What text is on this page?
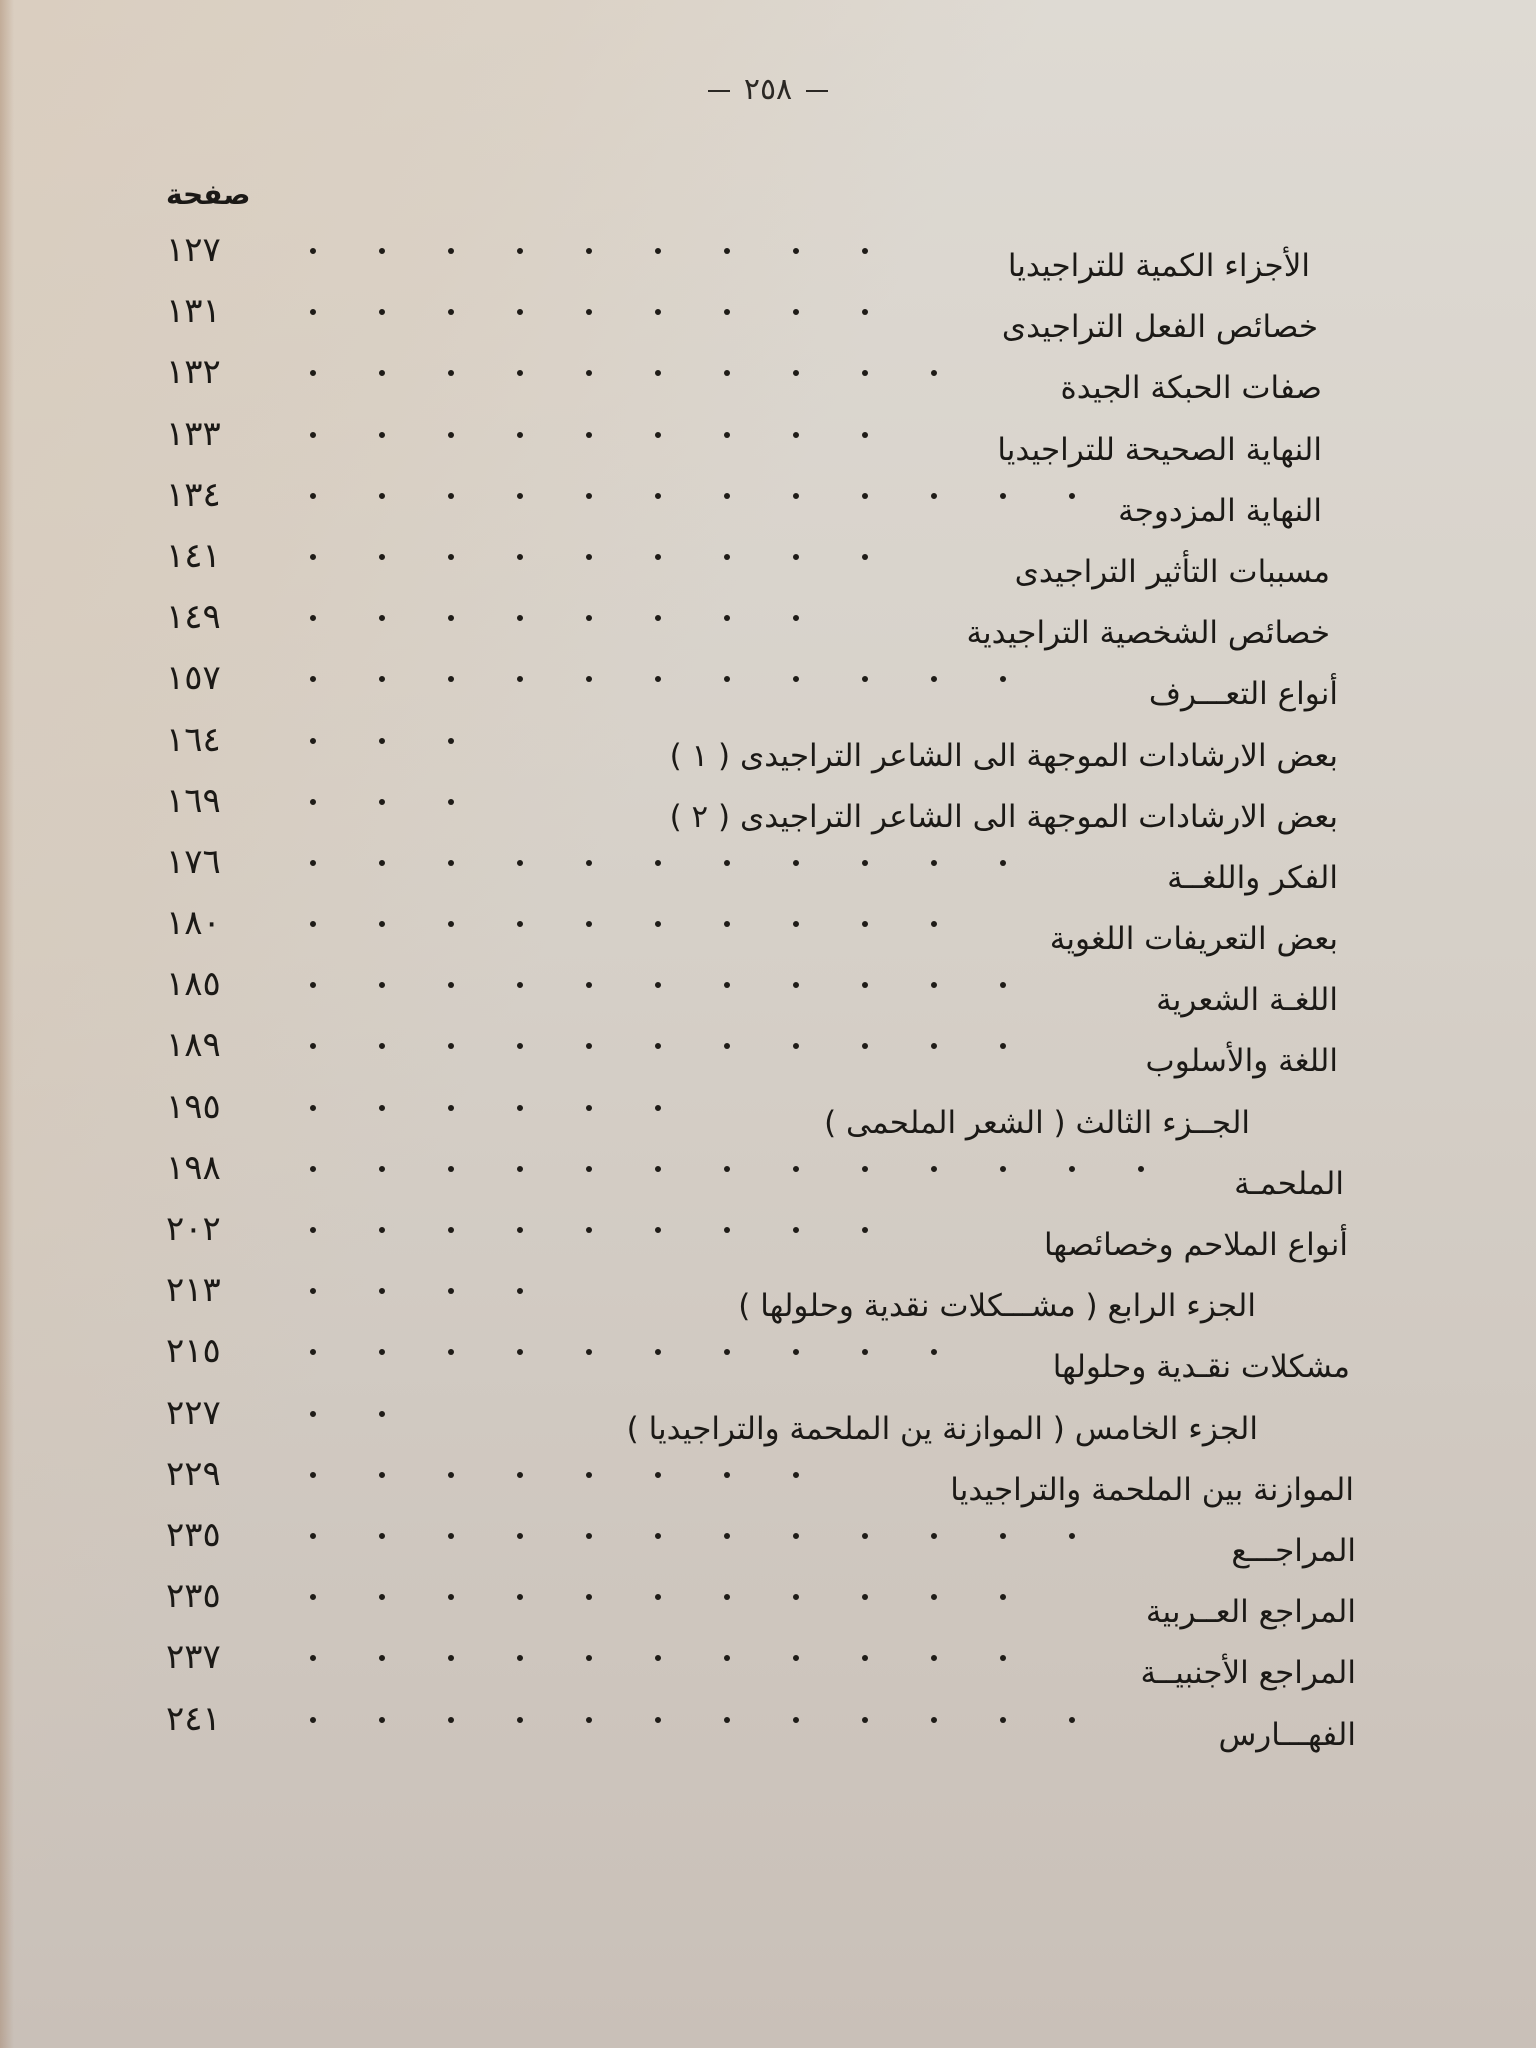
٢٥٨
صفحة
١٢٧	الأجزاء الكمية للتراجيديا
١٣١	خصائص الفعل التراجيدى
١٣٢	صفات الحبكة الجيدة
١٣٣	النهاية الصحيحة للتراجيديا
١٣٤	النهاية المزدوجة
١٤١	مسببات التأثير التراجيدى
١٤٩	خصائص الشخصية التراجيدية
١٥٧	أنواع التعـــرف
١٦٤	بعض الارشادات الموجهة الى الشاعر التراجيدى ( ١ )
١٦٩	بعض الارشادات الموجهة الى الشاعر التراجيدى ( ٢ )
١٧٦	الفكر واللغــة
١٨٠	بعض التعريفات اللغوية
١٨٥	اللغـة الشعرية
١٨٩	اللغة والأسلوب
١٩٥	الجــزء الثالث ( الشعر الملحمى )
١٩٨	الملحمـة
٢٠٢	أنواع الملاحم وخصائصها
٢١٣	الجزء الرابع ( مشـــكلات نقدية وحلولها )
٢١٥	مشكلات نقـدية وحلولها
٢٢٧	الجزء الخامس ( الموازنة ين الملحمة والتراجيديا )
٢٢٩	الموازنة بين الملحمة والتراجيديا
٢٣٥	المراجـــع
٢٣٥	المراجع العــربية
٢٣٧	المراجع الأجنبيــة
٢٤١	الفهـــارس
